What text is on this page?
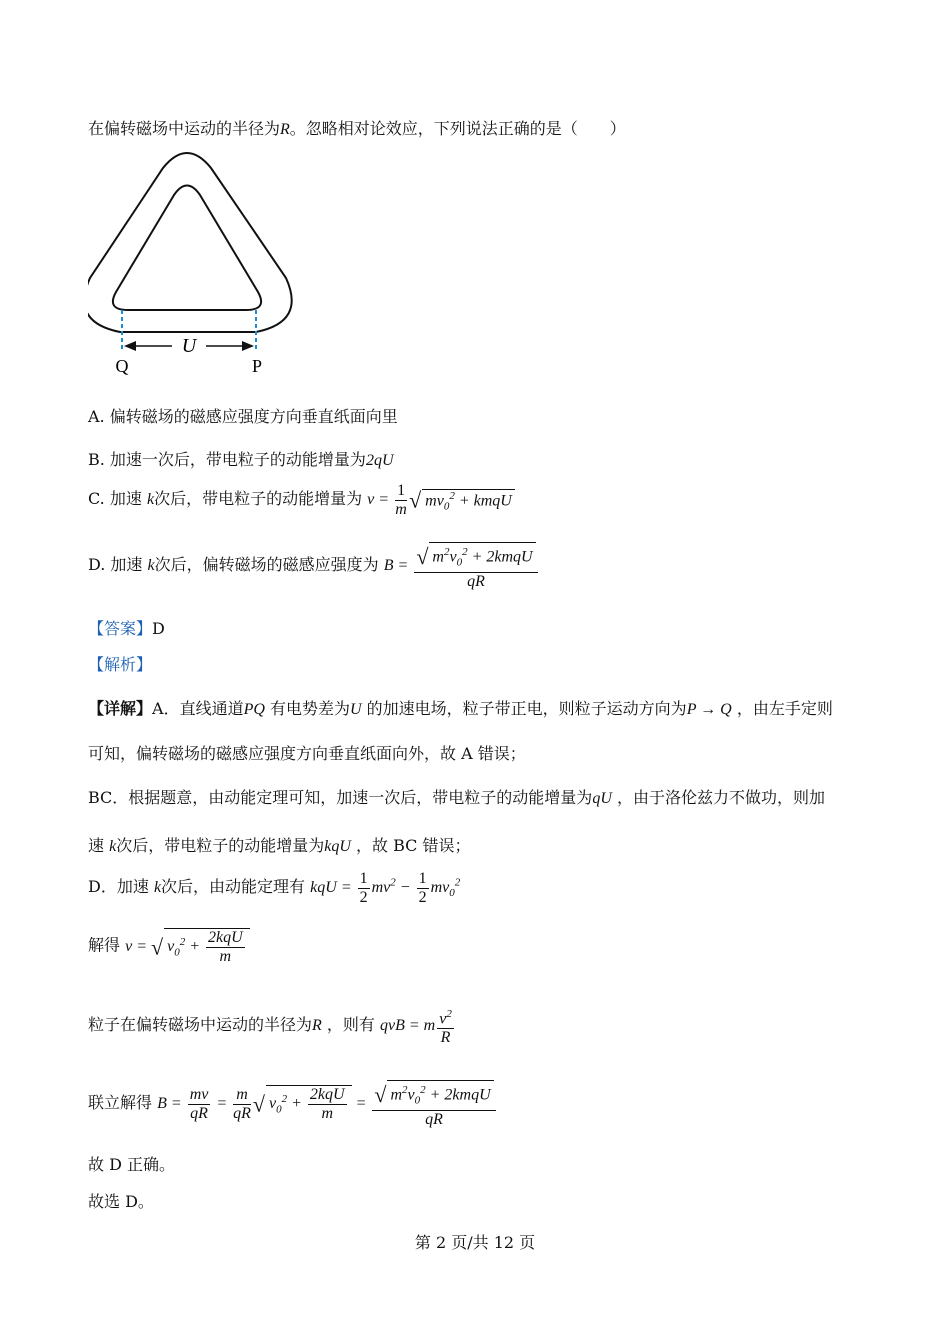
在偏转磁场中运动的半径为R。忽略相对论效应，下列说法正确的是（　　）
U
Q	P
A. 偏转磁场的磁感应强度方向垂直纸面向里
B. 加速一次后，带电粒子的动能增量为2qU
C. 加速 k次后，带电粒子的动能增量为 $v = \frac{1}{m}$ √ $mv_0^2$ + kmqU
D. 加速 k次后，偏转磁场的磁感应强度为 $B = \frac{√ m^2v_0^2 + 2kmqU}{qR}$
【答案】D
【解析】
【详解】A．直线通道PQ 有电势差为U 的加速电场，粒子带正电，则粒子运动方向为P → Q ，由左手定则
可知，偏转磁场的磁感应强度方向垂直纸面向外，故 A 错误；
BC．根据题意，由动能定理可知，加速一次后，带电粒子的动能增量为qU ，由于洛伦兹力不做功，则加
速 k次后，带电粒子的动能增量为kqU ，故 BC 错误；
D．加速 k次后，由动能定理有 kqU = $\frac{1}{2} mv^2 - \frac{1}{2} mv_0^2$
解得 v = √ $v_0^2 + \frac{\text{2kqU}}{m}$
粒子在偏转磁场中运动的半径为R ，则有 qvB = m $\frac{v^2}{R}$
联立解得 $B = \frac{mv}{qR} = \frac{m}{qR}$ √ $v_0^2 + \frac{\text{2kqU}}{m} = \frac{√ m^2v_0^2 + 2kmqU}{qR}$
故 D 正确。
故选 D。
第 2 页/共 12 页
